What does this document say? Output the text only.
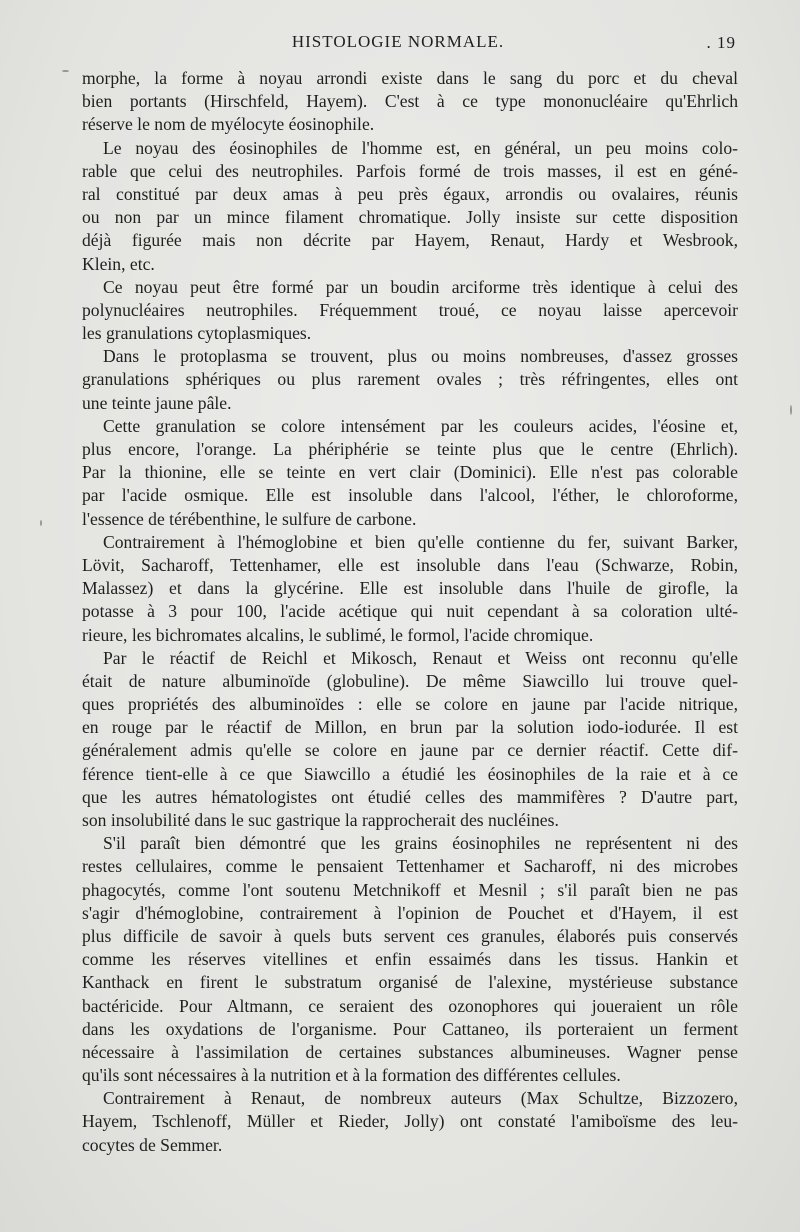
HISTOLOGIE NORMALE.	. 19
morphe, la forme à noyau arrondi existe dans le sang du porc et du cheval
bien portants (Hirschfeld, Hayem). C'est à ce type mononucléaire qu'Ehrlich
réserve le nom de myélocyte éosinophile.
Le noyau des éosinophiles de l'homme est, en général, un peu moins colo-
rable que celui des neutrophiles. Parfois formé de trois masses, il est en géné-
ral constitué par deux amas à peu près égaux, arrondis ou ovalaires, réunis
ou non par un mince filament chromatique. Jolly insiste sur cette disposition
déjà figurée mais non décrite par Hayem, Renaut, Hardy et Wesbrook,
Klein, etc.
Ce noyau peut être formé par un boudin arciforme très identique à celui des
polynucléaires neutrophiles. Fréquemment troué, ce noyau laisse apercevoir
les granulations cytoplasmiques.
Dans le protoplasma se trouvent, plus ou moins nombreuses, d'assez grosses
granulations sphériques ou plus rarement ovales ; très réfringentes, elles ont
une teinte jaune pâle.
Cette granulation se colore intensément par les couleurs acides, l'éosine et,
plus encore, l'orange. La phériphérie se teinte plus que le centre (Ehrlich).
Par la thionine, elle se teinte en vert clair (Dominici). Elle n'est pas colorable
par l'acide osmique. Elle est insoluble dans l'alcool, l'éther, le chloroforme,
l'essence de térébenthine, le sulfure de carbone.
Contrairement à l'hémoglobine et bien qu'elle contienne du fer, suivant Barker,
Lövit, Sacharoff, Tettenhamer, elle est insoluble dans l'eau (Schwarze, Robin,
Malassez) et dans la glycérine. Elle est insoluble dans l'huile de girofle, la
potasse à 3 pour 100, l'acide acétique qui nuit cependant à sa coloration ulté-
rieure, les bichromates alcalins, le sublimé, le formol, l'acide chromique.
Par le réactif de Reichl et Mikosch, Renaut et Weiss ont reconnu qu'elle
était de nature albuminoïde (globuline). De même Siawcillo lui trouve quel-
ques propriétés des albuminoïdes : elle se colore en jaune par l'acide nitrique,
en rouge par le réactif de Millon, en brun par la solution iodo-iodurée. Il est
généralement admis qu'elle se colore en jaune par ce dernier réactif. Cette dif-
férence tient-elle à ce que Siawcillo a étudié les éosinophiles de la raie et à ce
que les autres hématologistes ont étudié celles des mammifères ? D'autre part,
son insolubilité dans le suc gastrique la rapprocherait des nucléines.
S'il paraît bien démontré que les grains éosinophiles ne représentent ni des
restes cellulaires, comme le pensaient Tettenhamer et Sacharoff, ni des microbes
phagocytés, comme l'ont soutenu Metchnikoff et Mesnil ; s'il paraît bien ne pas
s'agir d'hémoglobine, contrairement à l'opinion de Pouchet et d'Hayem, il est
plus difficile de savoir à quels buts servent ces granules, élaborés puis conservés
comme les réserves vitellines et enfin essaimés dans les tissus. Hankin et
Kanthack en firent le substratum organisé de l'alexine, mystérieuse substance
bactéricide. Pour Altmann, ce seraient des ozonophores qui joueraient un rôle
dans les oxydations de l'organisme. Pour Cattaneo, ils porteraient un ferment
nécessaire à l'assimilation de certaines substances albumineuses. Wagner pense
qu'ils sont nécessaires à la nutrition et à la formation des différentes cellules.
Contrairement à Renaut, de nombreux auteurs (Max Schultze, Bizzozero,
Hayem, Tschlenoff, Müller et Rieder, Jolly) ont constaté l'amiboïsme des leu-
cocytes de Semmer.
